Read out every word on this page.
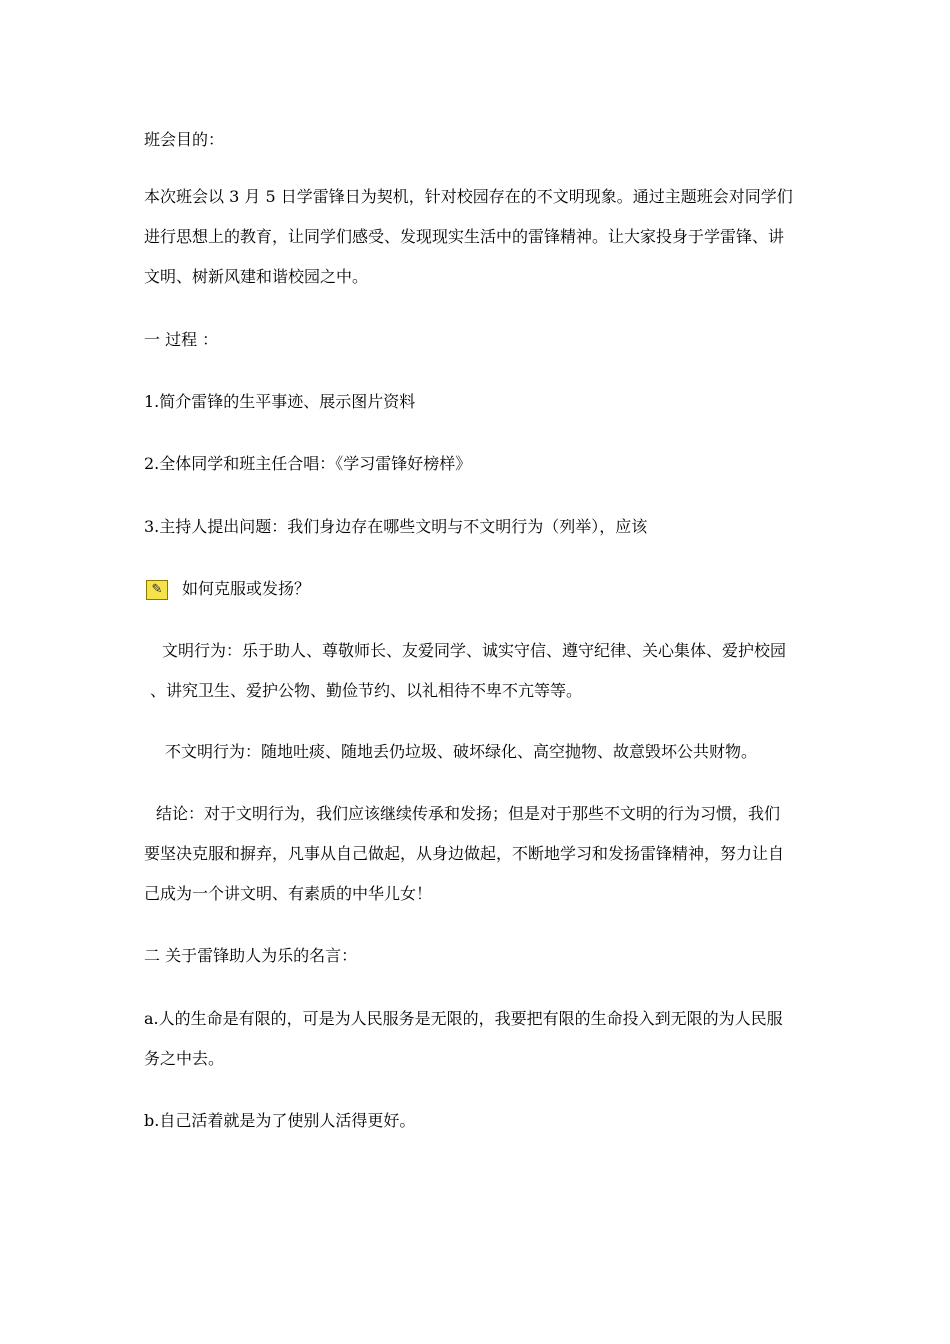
班会目的：

本次班会以 3 月 5 日学雷锋日为契机，针对校园存在的不文明现象。通过主题班会对同学们

进行思想上的教育，让同学们感受、发现现实生活中的雷锋精神。让大家投身于学雷锋、讲

文明、树新风建和谐校园之中。

一 过程 ：

1.简介雷锋的生平事迹、展示图片资料

2.全体同学和班主任合唱：《学习雷锋好榜样》

3.主持人提出问题：我们身边存在哪些文明与不文明行为（列举），应该

✎ 如何克服或发扬？

文明行为：乐于助人、尊敬师长、友爱同学、诚实守信、遵守纪律、关心集体、爱护校园

、讲究卫生、爱护公物、勤俭节约、以礼相待不卑不亢等等。

不文明行为：随地吐痰、随地丢仍垃圾、破坏绿化、高空抛物、故意毁坏公共财物。

结论：对于文明行为，我们应该继续传承和发扬；但是对于那些不文明的行为习惯，我们

要坚决克服和摒弃，凡事从自己做起，从身边做起，不断地学习和发扬雷锋精神，努力让自

己成为一个讲文明、有素质的中华儿女！

二 关于雷锋助人为乐的名言：

a.人的生命是有限的，可是为人民服务是无限的，我要把有限的生命投入到无限的为人民服

务之中去。

b.自己活着就是为了使别人活得更好。
